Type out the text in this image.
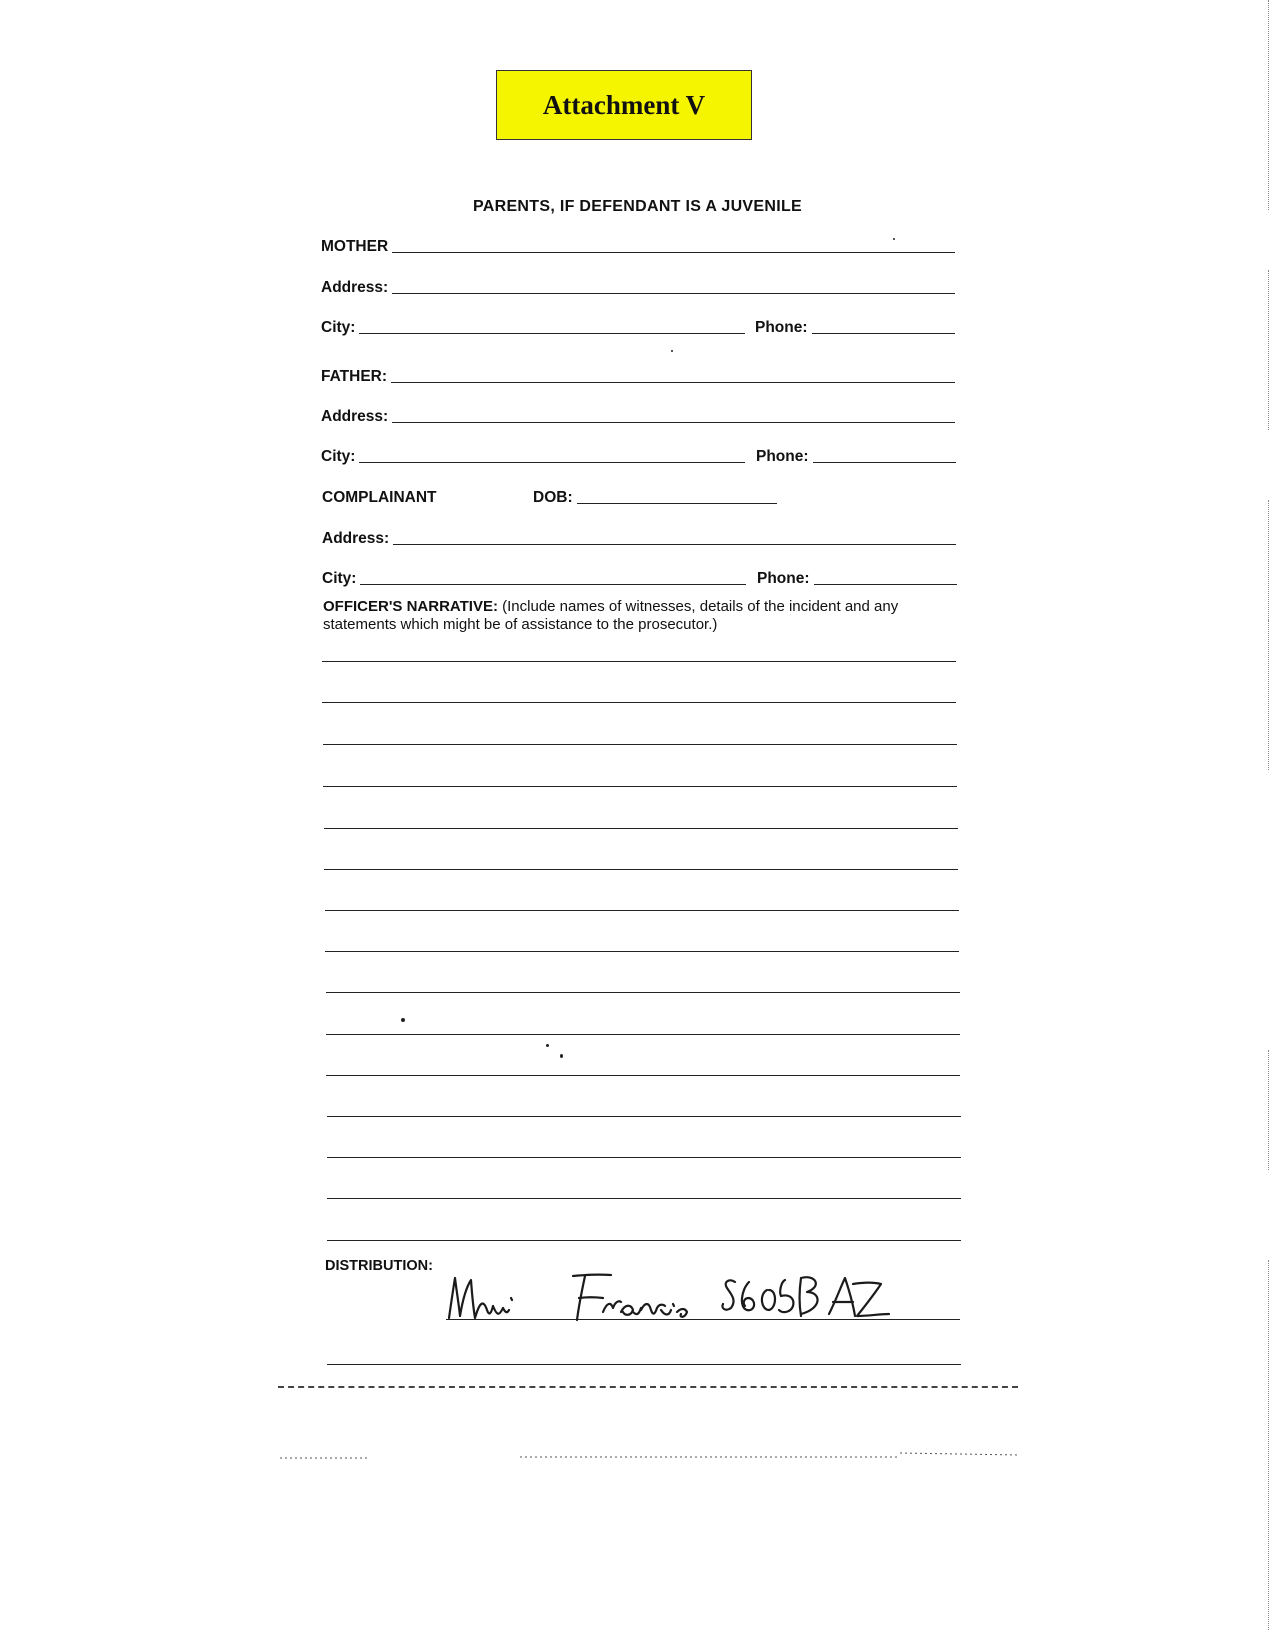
Attachment V
PARENTS, IF DEFENDANT IS A JUVENILE
MOTHER
Address:
City:	Phone:
FATHER:
Address:
City:	Phone:
COMPLAINANT	DOB:
Address:
City:	Phone:
OFFICER'S NARRATIVE: (Include names of witnesses, details of the incident and any statements which might be of assistance to the prosecutor.)
DISTRIBUTION:
